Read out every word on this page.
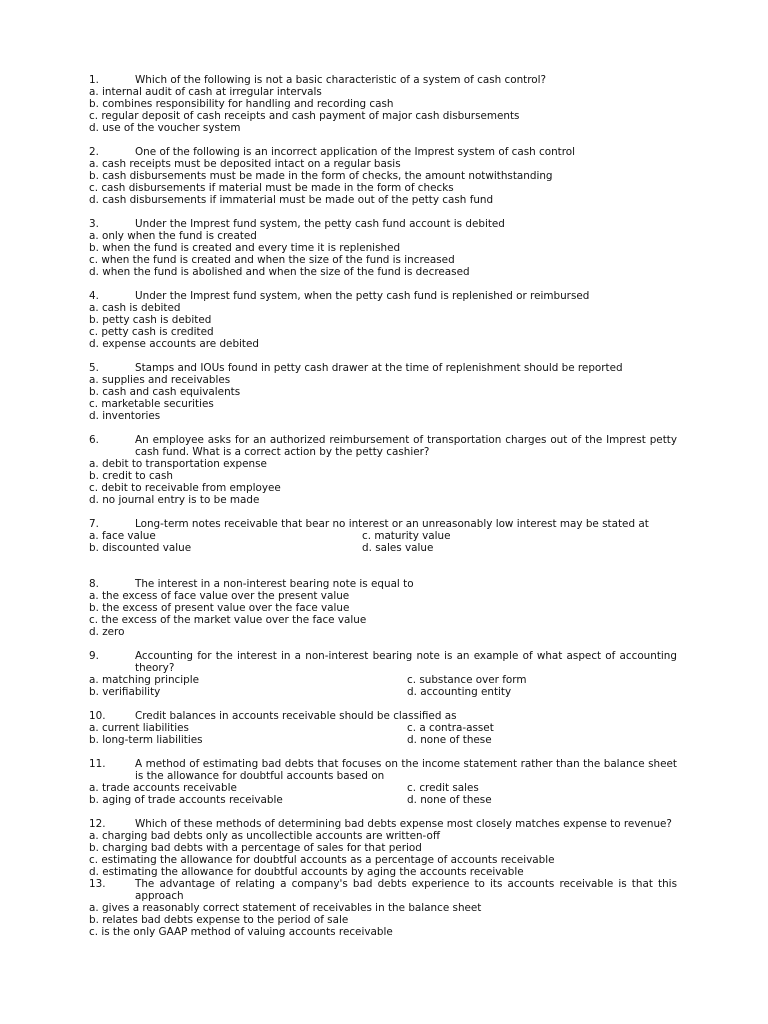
1.	Which of the following is not a basic characteristic of a system of cash control?
a. internal audit of cash at irregular intervals
b. combines responsibility for handling and recording cash
c. regular deposit of cash receipts and cash payment of major cash disbursements
d. use of the voucher system
2.	One of the following is an incorrect application of the Imprest system of cash control
a. cash receipts must be deposited intact on a regular basis
b. cash disbursements must be made in the form of checks, the amount notwithstanding
c. cash disbursements if material must be made in the form of checks
d. cash disbursements if immaterial must be made out of the petty cash fund
3.	Under the Imprest fund system, the petty cash fund account is debited
a. only when the fund is created
b. when the fund is created and every time it is replenished
c. when the fund is created and when the size of the fund is increased
d. when the fund is abolished and when the size of the fund is decreased
4.	Under the Imprest fund system, when the petty cash fund is replenished or reimbursed
a. cash is debited
b. petty cash is debited
c. petty cash is credited
d. expense accounts are debited
5.	Stamps and IOUs found in petty cash drawer at the time of replenishment should be reported
a. supplies and receivables
b. cash and cash equivalents
c. marketable securities
d. inventories
6.	An employee asks for an authorized reimbursement of transportation charges out of the Imprest petty cash fund. What is a correct action by the petty cashier?
a. debit to transportation expense
b. credit to cash
c. debit to receivable from employee
d. no journal entry is to be made
7.	Long-term notes receivable that bear no interest or an unreasonably low interest may be stated at
a. face value	c. maturity value
b. discounted value	d. sales value
8.	The interest in a non-interest bearing note is equal to
a. the excess of face value over the present value
b. the excess of present value over the face value
c. the excess of the market value over the face value
d. zero
9.	Accounting for the interest in a non-interest bearing note is an example of what aspect of accounting theory?
a. matching principle	c. substance over form
b. verifiability	d. accounting entity
10.	Credit balances in accounts receivable should be classified as
a. current liabilities	c. a contra-asset
b. long-term liabilities	d. none of these
11.	A method of estimating bad debts that focuses on the income statement rather than the balance sheet is the allowance for doubtful accounts based on
a. trade accounts receivable	c. credit sales
b. aging of trade accounts receivable	d. none of these
12.	Which of these methods of determining bad debts expense most closely matches expense to revenue?
a. charging bad debts only as uncollectible accounts are written-off
b. charging bad debts with a percentage of sales for that period
c. estimating the allowance for doubtful accounts as a percentage of accounts receivable
d. estimating the allowance for doubtful accounts by aging the accounts receivable
13.	The advantage of relating a company's bad debts experience to its accounts receivable is that this approach
a. gives a reasonably correct statement of receivables in the balance sheet
b. relates bad debts expense to the period of sale
c. is the only GAAP method of valuing accounts receivable
